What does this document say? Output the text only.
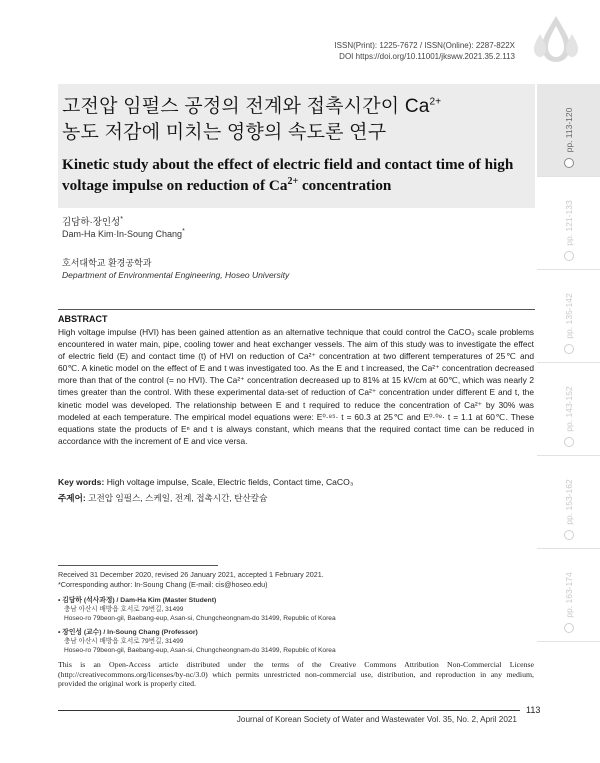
ISSN(Print): 1225-7672 / ISSN(Online): 2287-822X
DOI https://doi.org/10.11001/jksww.2021.35.2.113
고전압 임펄스 공정의 전계와 접촉시간이 $Ca^{2+}$
농도 저감에 미치는 영향의 속도론 연구
Kinetic study about the effect of electric field and contact time of high voltage impulse on reduction of $Ca^{2+}$ concentration
김담하·장인성*
Dam-Ha Kim·In-Soung Chang*
호서대학교 환경공학과
Department of Environmental Engineering, Hoseo University
pp. 113-120
pp. 121-133
pp. 135-142
pp. 143-152
pp. 153-162
pp. 163-174
ABSTRACT
High voltage impulse (HVI) has been gained attention as an alternative technique that could control the CaCO₃ scale problems encountered in water main, pipe, cooling tower and heat exchanger vessels. The aim of this study was to investigate the effect of electric field (E) and contact time (t) of HVI on reduction of Ca²⁺ concentration at two different temperatures of 25℃ and 60℃. A kinetic model on the effect of E and t was investigated too. As the E and t increased, the Ca²⁺ concentration decreased more than that of the control (= no HVI). The Ca²⁺ concentration decreased up to 81% at 15 kV/cm at 60℃, which was nearly 2 times greater than the control. With these experimental data-set of reduction of Ca²⁺ concentration under different E and t, the kinetic model was developed. The relationship between E and t required to reduce the concentration of Ca²⁺ by 30% was modeled at each temperature. The empirical model equations were: E⁰·⁸⁵· t = 60.3 at 25℃ and E⁰·⁰⁸· t = 1.1 at 60℃. These equations state the products of Eⁿ and t is always constant, which means that the required contact time can be reduced in accordance with the increment of E and vice versa.
Key words: High voltage impulse, Scale, Electric fields, Contact time, CaCO₃
주제어: 고전압 임펄스, 스케일, 전계, 접촉시간, 탄산칼슘
Received 31 December 2020, revised 26 January 2021, accepted 1 February 2021.
*Corresponding author: In-Soung Chang (E-mail: cis@hoseo.edu)
• 김담하 (석사과정) / Dam-Ha Kim (Master Student)
충남 아산시 배방읍 호서로 79번길, 31499
Hoseo-ro 79beon-gil, Baebang-eup, Asan-si, Chungcheongnam-do 31499, Republic of Korea
• 장인성 (교수) / In-Soung Chang (Professor)
충남 아산시 배방읍 호서로 79번길, 31499
Hoseo-ro 79beon-gil, Baebang-eup, Asan-si, Chungcheongnam-do 31499, Republic of Korea
This is an Open-Access article distributed under the terms of the Creative Commons Attribution Non-Commercial License (http://creativecommons.org/licenses/by-nc/3.0) which permits unrestricted non-commercial use, distribution, and reproduction in any medium, provided the original work is properly cited.
113
Journal of Korean Society of Water and Wastewater Vol. 35, No. 2, April 2021
